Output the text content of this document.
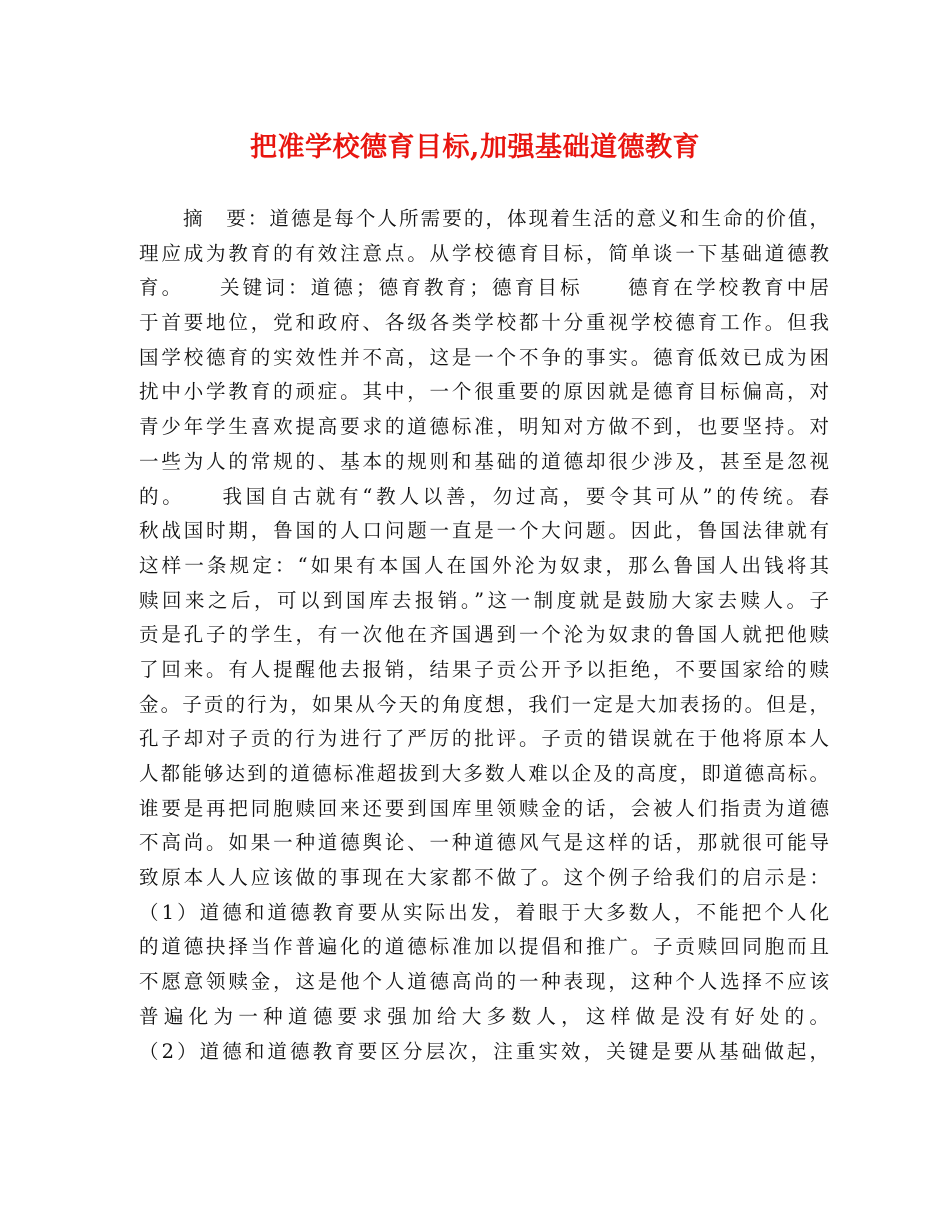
把准学校德育目标,加强基础道德教育
摘　要：道德是每个人所需要的，体现着生活的意义和生命的价值，
理应成为教育的有效注意点。从学校德育目标，简单谈一下基础道德教
育。　　关键词：道德；德育教育；德育目标　　德育在学校教育中居
于首要地位，党和政府、各级各类学校都十分重视学校德育工作。但我
国学校德育的实效性并不高，这是一个不争的事实。德育低效已成为困
扰中小学教育的顽症。其中，一个很重要的原因就是德育目标偏高，对
青少年学生喜欢提高要求的道德标准，明知对方做不到，也要坚持。对
一些为人的常规的、基本的规则和基础的道德却很少涉及，甚至是忽视
的。　　我国自古就有“教人以善，勿过高，要令其可从”的传统。春
秋战国时期，鲁国的人口问题一直是一个大问题。因此，鲁国法律就有
这样一条规定：“如果有本国人在国外沦为奴隶，那么鲁国人出钱将其
赎回来之后，可以到国库去报销。”这一制度就是鼓励大家去赎人。子
贡是孔子的学生，有一次他在齐国遇到一个沦为奴隶的鲁国人就把他赎
了回来。有人提醒他去报销，结果子贡公开予以拒绝，不要国家给的赎
金。子贡的行为，如果从今天的角度想，我们一定是大加表扬的。但是，
孔子却对子贡的行为进行了严厉的批评。子贡的错误就在于他将原本人
人都能够达到的道德标准超拔到大多数人难以企及的高度，即道德高标。
谁要是再把同胞赎回来还要到国库里领赎金的话，会被人们指责为道德
不高尚。如果一种道德舆论、一种道德风气是这样的话，那就很可能导
致原本人人应该做的事现在大家都不做了。这个例子给我们的启示是：
（1）道德和道德教育要从实际出发，着眼于大多数人，不能把个人化
的道德抉择当作普遍化的道德标准加以提倡和推广。子贡赎回同胞而且
不愿意领赎金，这是他个人道德高尚的一种表现，这种个人选择不应该
普遍化为一种道德要求强加给大多数人，这样做是没有好处的。
（2）道德和道德教育要区分层次，注重实效，关键是要从基础做起，
